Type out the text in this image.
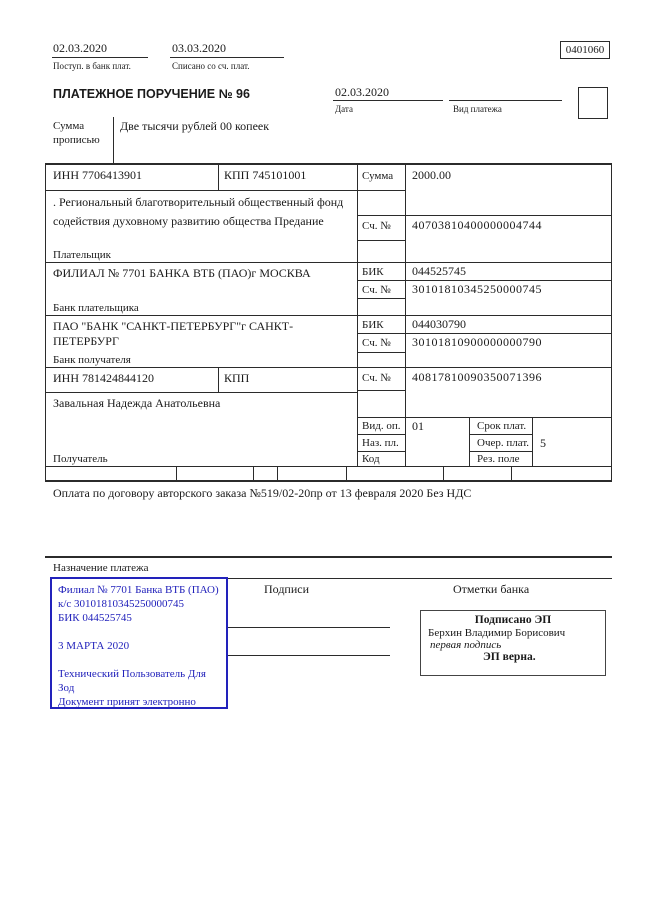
02.03.2020
Поступ. в банк плат.
03.03.2020
Списано со сч. плат.
0401060
ПЛАТЕЖНОЕ ПОРУЧЕНИЕ № 96	02.03.2020
Дата	Вид платежа
Сумма
прописью
Две тысячи рублей 00 копеек
ИНН 7706413901	КПП 745101001	Сумма 2000.00
. Региональный благотворительный общественный фонд содействия духовному развитию общества Предание
Плательщик
Сч. № 40703810400000004744
ФИЛИАЛ № 7701 БАНКА ВТБ (ПАО)г МОСКВА	БИК 044525745
Сч. № 30101810345250000745
Банк плательщика
ПАО "БАНК "САНКТ-ПЕТЕРБУРГ"г САНКТ-ПЕТЕРБУРГ
БИК 044030790
Сч. № 30101810900000000790
Банк получателя
ИНН 781424844120	КПП	Сч. № 40817810090350071396
Завальная Надежда Анатольевна
Вид. оп. 01	Срок плат.
Наз. пл.	Очер. плат. 5
Код	Рез. поле
Получатель
Оплата по договору авторского заказа №519/02-20пр от 13 февраля 2020 Без НДС
Назначение платежа
Подписи	Отметки банка
Филиал № 7701 Банка ВТБ (ПАО)
к/с 30101810345250000745
БИК 044525745
3 МАРТА 2020
Технический Пользователь Для
Зод
Документ принят электронно
Подписано ЭП
Берхин Владимир Борисович
первая подпись
ЭП верна.
